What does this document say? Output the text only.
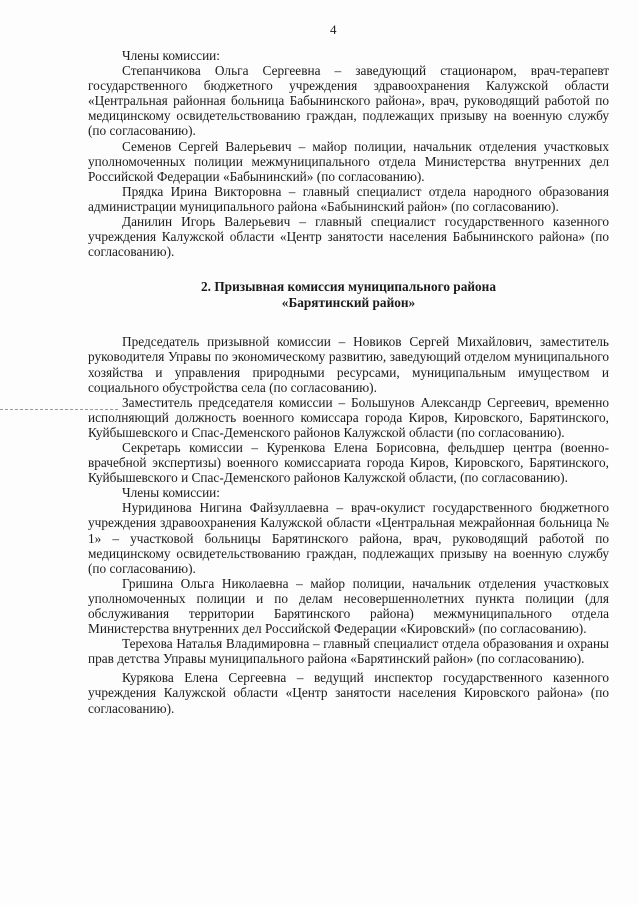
4

Члены комиссии:

Степанчикова Ольга Сергеевна – заведующий стационаром, врач-терапевт государственного бюджетного учреждения здравоохранения Калужской области «Центральная районная больница Бабынинского района», врач, руководящий работой по медицинскому освидетельствованию граждан, подлежащих призыву на военную службу (по согласованию).

Семенов Сергей Валерьевич – майор полиции, начальник отделения участковых уполномоченных полиции межмуниципального отдела Министерства внутренних дел Российской Федерации «Бабынинский» (по согласованию).

Прядка Ирина Викторовна – главный специалист отдела народного образования администрации муниципального района «Бабынинский район» (по согласованию).

Данилин Игорь Валерьевич – главный специалист государственного казенного учреждения Калужской области «Центр занятости населения Бабынинского района» (по согласованию).

2. Призывная комиссия муниципального района
«Барятинский район»

Председатель призывной комиссии – Новиков Сергей Михайлович, заместитель руководителя Управы по экономическому развитию, заведующий отделом муниципального хозяйства и управления природными ресурсами, муниципальным имуществом и социального обустройства села (по согласованию).

Заместитель председателя комиссии – Большунов Александр Сергеевич, временно исполняющий должность военного комиссара города Киров, Кировского, Барятинского, Куйбышевского и Спас-Деменского районов Калужской области (по согласованию).

Секретарь комиссии – Куренкова Елена Борисовна, фельдшер центра (военно-врачебной экспертизы) военного комиссариата города Киров, Кировского, Барятинского, Куйбышевского и Спас-Деменского районов Калужской области, (по согласованию).

Члены комиссии:

Нуридинова Нигина Файзуллаевна – врач-окулист государственного бюджетного учреждения здравоохранения Калужской области «Центральная межрайонная больница № 1» – участковой больницы Барятинского района, врач, руководящий работой по медицинскому освидетельствованию граждан, подлежащих призыву на военную службу (по согласованию).

Гришина Ольга Николаевна – майор полиции, начальник отделения участковых уполномоченных полиции и по делам несовершеннолетних пункта полиции (для обслуживания территории Барятинского района) межмуниципального отдела Министерства внутренних дел Российской Федерации «Кировский» (по согласованию).

Терехова Наталья Владимировна – главный специалист отдела образования и охраны прав детства Управы муниципального района «Барятинский район» (по согласованию).

Курякова Елена Сергеевна – ведущий инспектор государственного казенного учреждения Калужской области «Центр занятости населения Кировского района» (по согласованию).
